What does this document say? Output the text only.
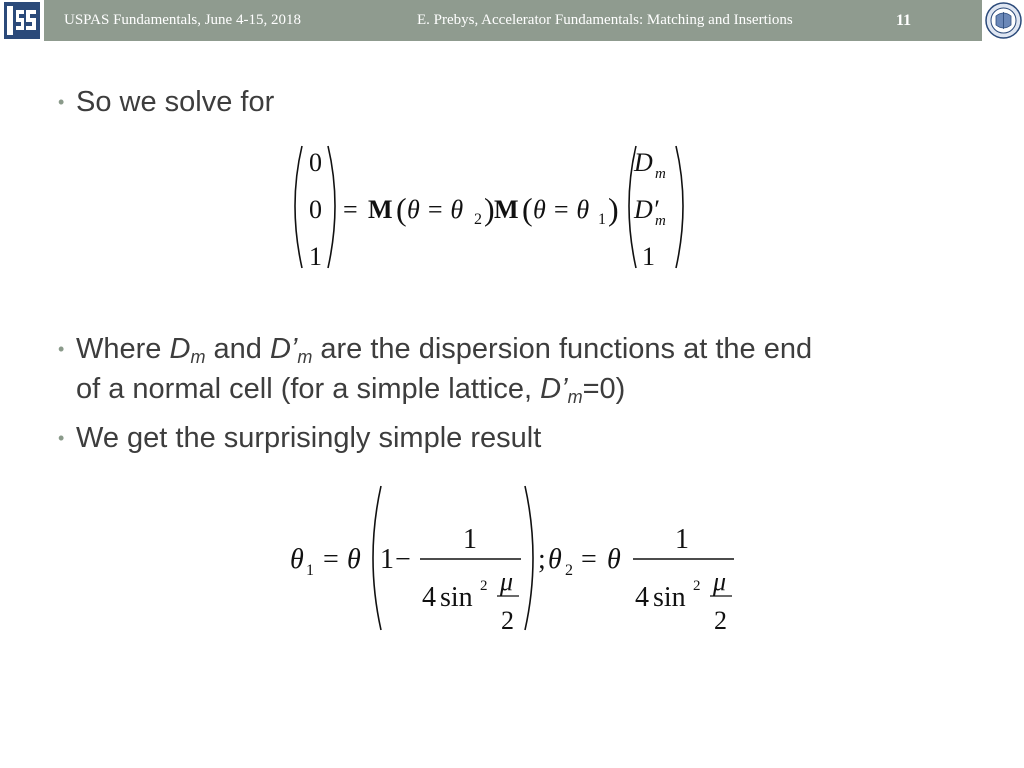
USPAS Fundamentals, June 4-15, 2018	E. Prebys, Accelerator Fundamentals: Matching and Insertions	11
• So we solve for
0
0
1
= M ( θ = θ 2 ) M ( θ = θ 1 )
D m
D′
m
1
• Where $D_m$ and $D’_m$ are the dispersion functions at the end
of a normal cell (for a simple lattice, $D’_m=0$)
• We get the surprisingly simple result
θ 1 = θ 1 −
1
4 sin 2 μ
2
; θ 2 = θ
1
4 sin 2 μ
2
